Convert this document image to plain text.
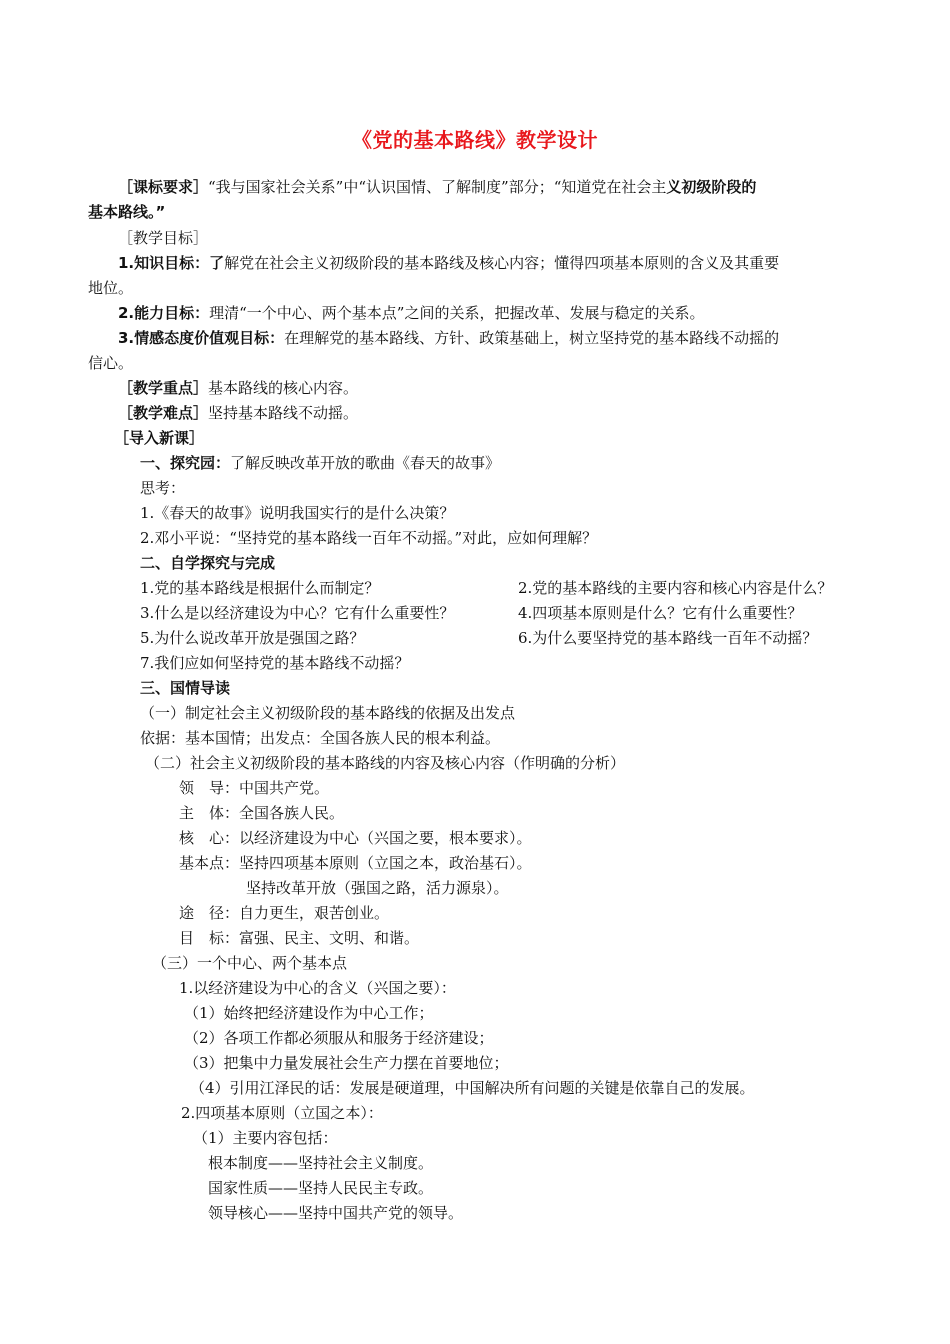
《党的基本路线》教学设计
［课标要求］“我与国家社会关系”中“认识国情、了解制度”部分；“知道党在社会主义初级阶段的
基本路线。”
［教学目标］
1.知识目标：了解党在社会主义初级阶段的基本路线及核心内容；懂得四项基本原则的含义及其重要
地位。
2.能力目标：理清“一个中心、两个基本点”之间的关系，把握改革、发展与稳定的关系。
3.情感态度价值观目标：在理解党的基本路线、方针、政策基础上，树立坚持党的基本路线不动摇的
信心。
［教学重点］基本路线的核心内容。
［教学难点］坚持基本路线不动摇。
［导入新课］
一、探究园：了解反映改革开放的歌曲《春天的故事》
思考：
1.《春天的故事》说明我国实行的是什么决策？
2.邓小平说：“坚持党的基本路线一百年不动摇。”对此，应如何理解？
二、自学探究与完成
1.党的基本路线是根据什么而制定？	2.党的基本路线的主要内容和核心内容是什么？
3.什么是以经济建设为中心？它有什么重要性？	4.四项基本原则是什么？它有什么重要性？
5.为什么说改革开放是强国之路？	6.为什么要坚持党的基本路线一百年不动摇？
7.我们应如何坚持党的基本路线不动摇？
三、国情导读
（一）制定社会主义初级阶段的基本路线的依据及出发点
依据：基本国情；出发点：全国各族人民的根本利益。
（二）社会主义初级阶段的基本路线的内容及核心内容（作明确的分析）
领　导：中国共产党。
主　体：全国各族人民。
核　心：以经济建设为中心（兴国之要，根本要求）。
基本点：坚持四项基本原则（立国之本，政治基石）。
坚持改革开放（强国之路，活力源泉）。
途　径：自力更生，艰苦创业。
目　标：富强、民主、文明、和谐。
（三）一个中心、两个基本点
1.以经济建设为中心的含义（兴国之要）：
（1）始终把经济建设作为中心工作；
（2）各项工作都必须服从和服务于经济建设；
（3）把集中力量发展社会生产力摆在首要地位；
（4）引用江泽民的话：发展是硬道理，中国解决所有问题的关键是依靠自己的发展。
2.四项基本原则（立国之本）：
（1）主要内容包括：
根本制度——坚持社会主义制度。
国家性质——坚持人民民主专政。
领导核心——坚持中国共产党的领导。
